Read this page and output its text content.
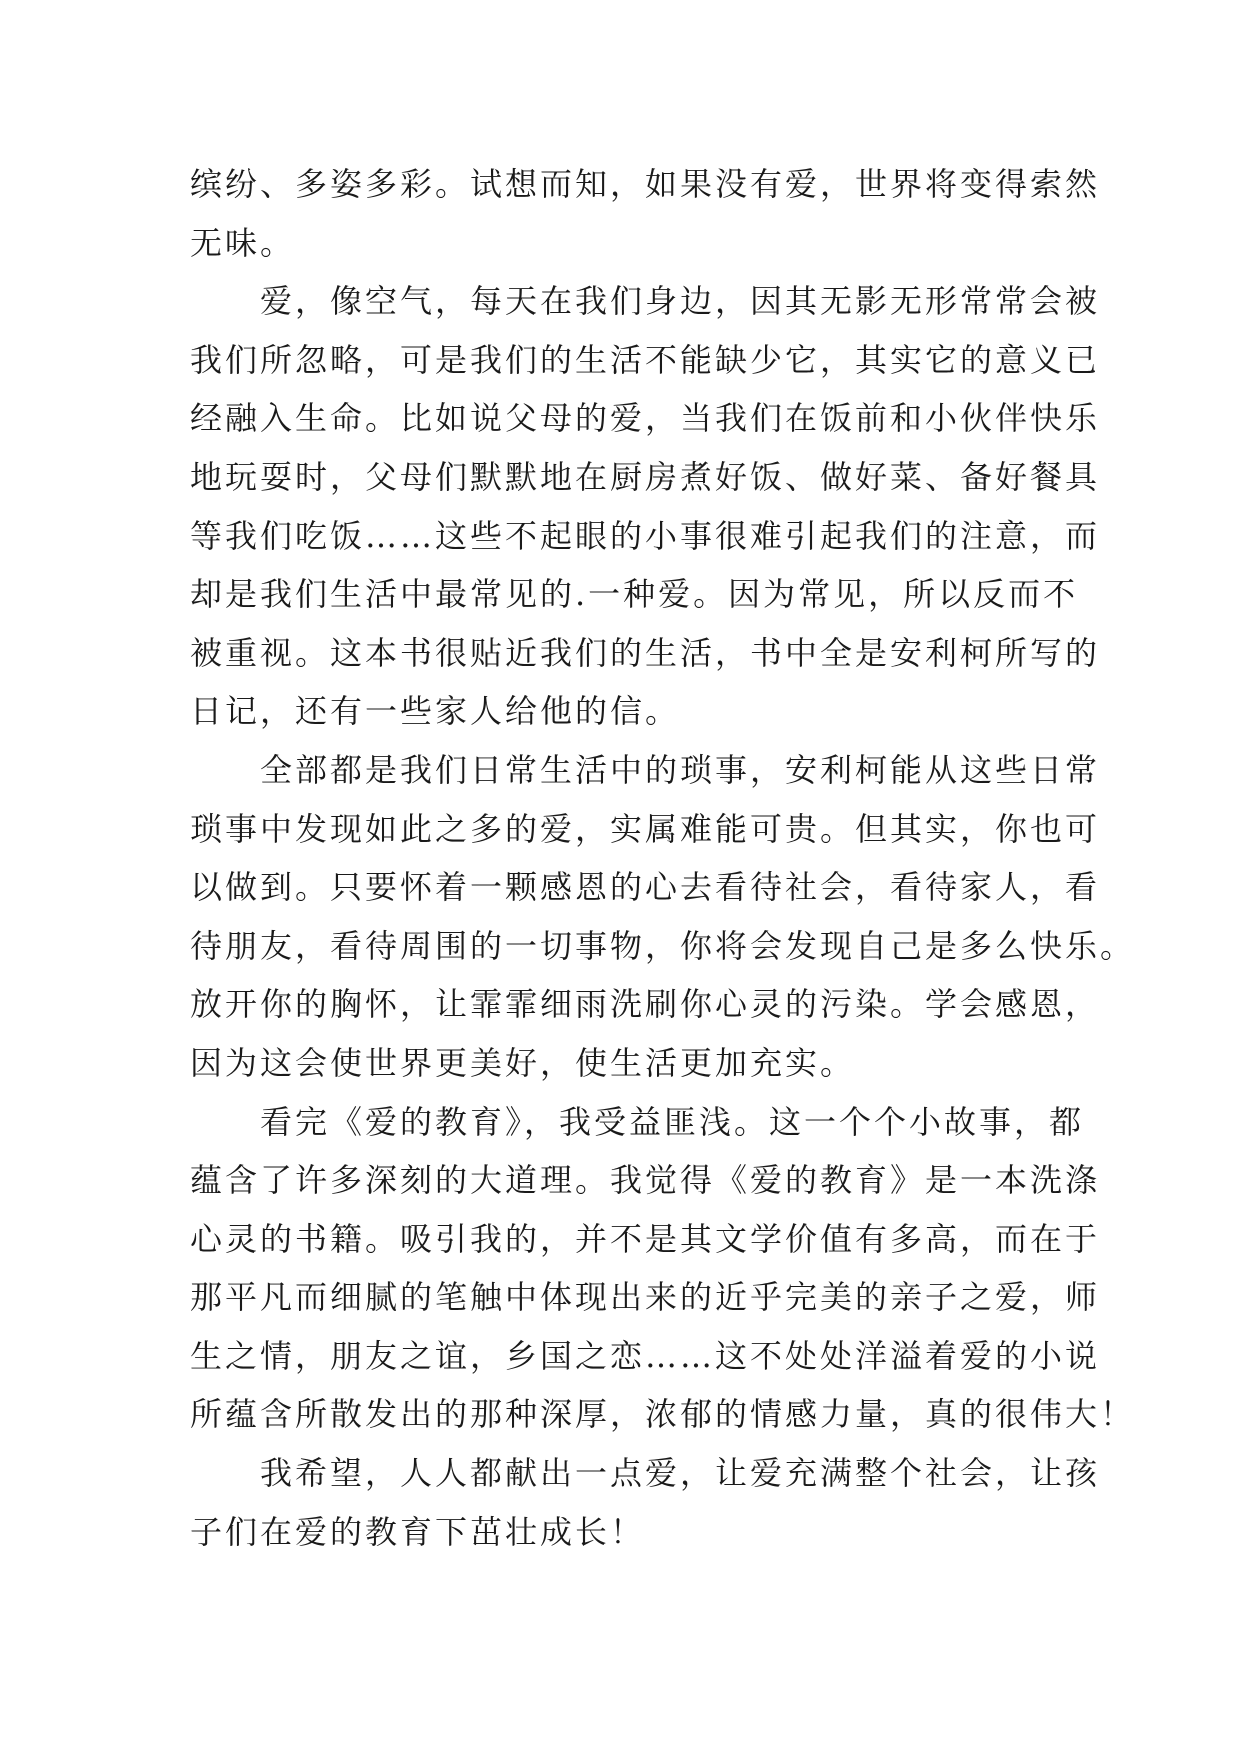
缤纷、多姿多彩。试想而知，如果没有爱，世界将变得索然
无味。
爱，像空气，每天在我们身边，因其无影无形常常会被
我们所忽略，可是我们的生活不能缺少它，其实它的意义已
经融入生命。比如说父母的爱，当我们在饭前和小伙伴快乐
地玩耍时，父母们默默地在厨房煮好饭、做好菜、备好餐具
等我们吃饭……这些不起眼的小事很难引起我们的注意，而
却是我们生活中最常见的.一种爱。因为常见，所以反而不
被重视。这本书很贴近我们的生活，书中全是安利柯所写的
日记，还有一些家人给他的信。
全部都是我们日常生活中的琐事，安利柯能从这些日常
琐事中发现如此之多的爱，实属难能可贵。但其实，你也可
以做到。只要怀着一颗感恩的心去看待社会，看待家人，看
待朋友，看待周围的一切事物，你将会发现自己是多么快乐。
放开你的胸怀，让霏霏细雨洗刷你心灵的污染。学会感恩，
因为这会使世界更美好，使生活更加充实。
看完《爱的教育》，我受益匪浅。这一个个小故事，都
蕴含了许多深刻的大道理。我觉得《爱的教育》是一本洗涤
心灵的书籍。吸引我的，并不是其文学价值有多高，而在于
那平凡而细腻的笔触中体现出来的近乎完美的亲子之爱，师
生之情，朋友之谊，乡国之恋……这不处处洋溢着爱的小说
所蕴含所散发出的那种深厚，浓郁的情感力量，真的很伟大！
我希望，人人都献出一点爱，让爱充满整个社会，让孩
子们在爱的教育下茁壮成长！
